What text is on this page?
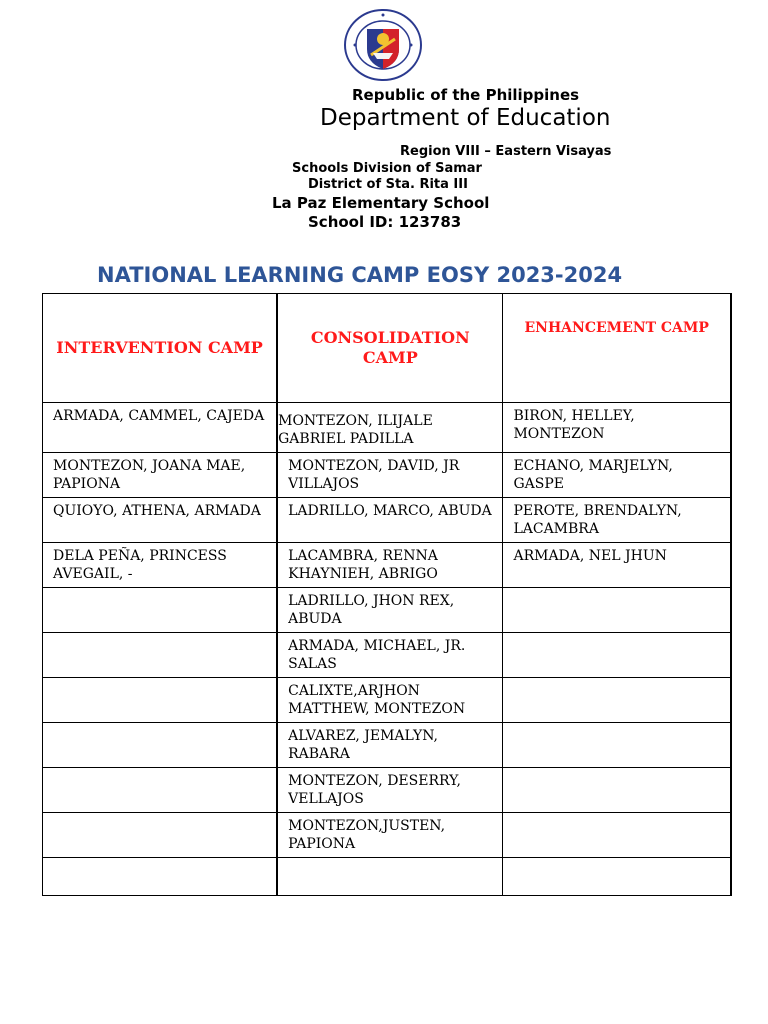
Republic of the Philippines
Department of Education
Region VIII – Eastern Visayas
Schools Division of Samar
District of Sta. Rita III
La Paz Elementary School
School ID: 123783
NATIONAL LEARNING CAMP EOSY 2023-2024
INTERVENTION CAMP	CONSOLIDATION CAMP	ENHANCEMENT CAMP
ARMADA, CAMMEL, CAJEDA	MONTEZON, ILIJALE GABRIEL PADILLA	BIRON, HELLEY, MONTEZON
MONTEZON, JOANA MAE, PAPIONA	MONTEZON, DAVID, JR VILLAJOS	ECHANO, MARJELYN, GASPE
QUIOYO, ATHENA, ARMADA	LADRILLO, MARCO, ABUDA	PEROTE, BRENDALYN, LACAMBRA
DELA PEÑA, PRINCESS AVEGAIL, -	LACAMBRA, RENNA KHAYNIEH, ABRIGO	ARMADA, NEL JHUN
	LADRILLO, JHON REX, ABUDA	
	ARMADA, MICHAEL, JR. SALAS	
	CALIXTE,ARJHON MATTHEW, MONTEZON	
	ALVAREZ, JEMALYN, RABARA	
	MONTEZON, DESERRY, VELLAJOS	
	MONTEZON,JUSTEN, PAPIONA	
